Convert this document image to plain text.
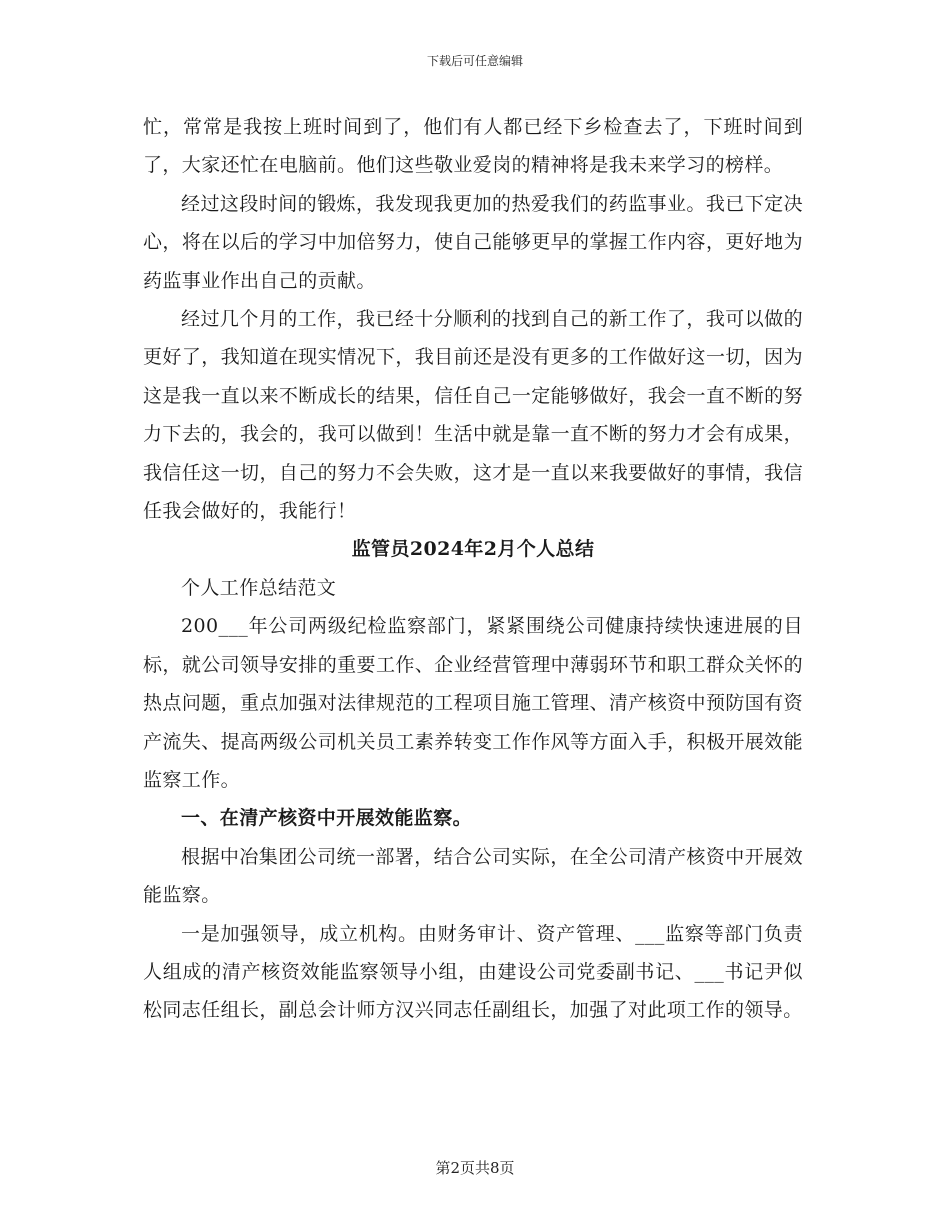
下载后可任意编辑

忙，常常是我按上班时间到了，他们有人都已经下乡检查去了，下班时间到了，大家还忙在电脑前。他们这些敬业爱岗的精神将是我未来学习的榜样。

经过这段时间的锻炼，我发现我更加的热爱我们的药监事业。我已下定决心，将在以后的学习中加倍努力，使自己能够更早的掌握工作内容，更好地为药监事业作出自己的贡献。

经过几个月的工作，我已经十分顺利的找到自己的新工作了，我可以做的更好了，我知道在现实情况下，我目前还是没有更多的工作做好这一切，因为这是我一直以来不断成长的结果，信任自己一定能够做好，我会一直不断的努力下去的，我会的，我可以做到！生活中就是靠一直不断的努力才会有成果，我信任这一切，自己的努力不会失败，这才是一直以来我要做好的事情，我信任我会做好的，我能行！

监管员2024年2月个人总结

个人工作总结范文

200___年公司两级纪检监察部门，紧紧围绕公司健康持续快速进展的目标，就公司领导安排的重要工作、企业经营管理中薄弱环节和职工群众关怀的热点问题，重点加强对法律规范的工程项目施工管理、清产核资中预防国有资产流失、提高两级公司机关员工素养转变工作作风等方面入手，积极开展效能监察工作。

一、在清产核资中开展效能监察。

根据中冶集团公司统一部署，结合公司实际，在全公司清产核资中开展效能监察。

一是加强领导，成立机构。由财务审计、资产管理、___监察等部门负责人组成的清产核资效能监察领导小组，由建设公司党委副书记、___书记尹似松同志任组长，副总会计师方汉兴同志任副组长，加强了对此项工作的领导。

第2页共8页
